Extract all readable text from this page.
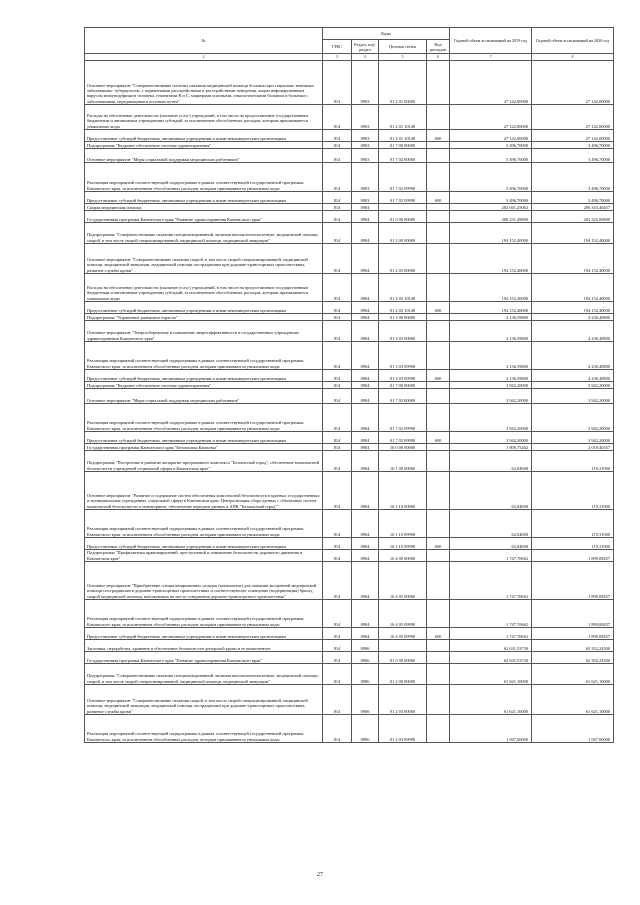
№	Коды				Годовой объем ассигнований на 2019 год	Годовой объем ассигнований на 2020 год
	ГРБС	Раздел, под-раздел	Целевая статья	Вид расходов		
2	3	4	5	6	7	8
Основное мероприятие "Совершенствование системы оказания медицинской помощи больным при социально значимых заболеваниях: туберкулезом, с поражениями расстройствами и расстройствами поведения, лицам инфицированным вирусом иммунодефицита человека, гепатитами B и C, маркерами опасными, онкологическими больным и больным с заболеваниями, передающимися половым путем"	814	0903	01 2 01 00000		27 142,00000	27 142,00000
Расходы на обеспечение деятельности (оказание услуг) учреждений, в том числе на предоставление государственным бюджетным и автономным учреждениям субсидий, за исключением обособленных расходов, которым присваиваются уникальные коды	814	0903	01 2 01 10140		27 142,00000	27 142,00000
Предоставление субсидий бюджетным, автономным учреждениям и иным некоммерческим организациям	814	0903	01 2 01 10140	600	27 142,00000	27 142,00000
Подпрограмма "Кадровое обеспечение системы здравоохранения"	814	0903	01 7 00 00000		3 496,70000	3 496,70000
Основное мероприятие "Меры социальной поддержки медицинских работников"	814	0903	01 7 02 00000		3 496,70000	3 496,70000
Реализация мероприятий соответствующей подпрограммы в рамках соответствующей государственной программы Камчатского края, за исключением обособленных расходов, которым присваиваются уникальные коды	814	0903	01 7 02 09990		3 496,70000	3 496,70000
Предоставление субсидий бюджетным, автономным учреждениям и иным некоммерческим организациям	814	0903	01 7 02 09990	600	3 496,70000	3 496,70000
Скорая медицинская помощь	814	0904			202 041,25062	206 343,40457
Государственная программа Камчатского края "Развитие здравоохранения Камчатского края"	814	0904	01 0 00 00000		200 231,49800	202 325,00800
Подпрограмма "Совершенствование оказания специализированной, включая высокотехнологичную, медицинской помощи, скорой, в том числе скорой специализированной, медицинской помощи, медицинской эвакуации"	814	0904	01 2 00 00000		194 152,40000	194 152,40000
Основное мероприятие "Совершенствование оказания скорой, в том числе скорой специализированной, медицинской помощи, медицинской эвакуации, медицинской помощи пострадавшим при дорожно-транспортных происшествиях, развитие службы крови"	814	0904	01 2 03 00000		194 152,40000	194 152,40000
Расходы на обеспечение деятельности (оказание услуг) учреждений, в том числе на предоставление государственным бюджетным и автономным учреждениям субсидий, за исключением обособленных расходов, которым присваиваются уникальные коды	814	0904	01 2 03 10140		194 152,40000	194 152,40000
Предоставление субсидий бюджетным, автономным учреждениям и иным некоммерческим организациям	814	0904	01 2 03 10140	600	194 152,40000	194 152,40000
Подпрограмма "Управление развитием отрасли"	814	0904	01 3 00 00000		2 136,59800	4 230,40800
Основное мероприятие "Энергосбережение и повышение энергоэффективности в государственных учреждениях здравоохранения Камчатского края"	814	0904	01 3 03 00000		2 136,59800	4 230,40800
Реализация мероприятий соответствующей подпрограммы в рамках соответствующей государственной программы Камчатского края, за исключением обособленных расходов, которым присваиваются уникальные коды	814	0904	01 3 03 09990		2 136,59800	4 230,40800
Предоставление субсидий бюджетным, автономным учреждениям и иным некоммерческим организациям	814	0904	01 3 03 09990	600	2 136,59800	4 230,40800
Подпрограмма "Кадровое обеспечение системы здравоохранения"	814	0904	01 7 00 00000		3 942,20000	3 942,20000
Основное мероприятие "Меры социальной поддержки медицинских работников"	814	0904	01 7 02 00000		3 942,20000	3 942,20000
Реализация мероприятий соответствующей подпрограммы в рамках соответствующей государственной программы Камчатского края, за исключением обособленных расходов, которым присваиваются уникальные коды	814	0904	01 7 02 09990		3 942,20000	3 942,20000
Предоставление субсидий бюджетным, автономным учреждениям и иным некоммерческим организациям	814	0904	01 7 02 09990	600	3 942,20000	3 942,20000
Государственная программа Камчатского края "Безопасная Камчатка"	814	0904	16 0 00 00000		1 809,75262	2 018,40357
Подпрограмма "Построение и развитие аппаратно-программного комплекса "Безопасный город", обеспечение комплексной безопасности учреждений социальной сферы в Камчатском крае"	814	0904	16 1 00 00000		62,04600	119,31900
Основное мероприятие "Развитие и содержание систем обеспечения комплексной безопасности в краевых государственных и муниципальных учреждениях социальной сферы в Камчатском крае. Централизация сбора данных с объектовых систем комплексной безопасности и мониторинга, обеспечение передачи данных в АПК "Безопасный город""	814	0904	16 1 10 00000		62,04600	119,31900
Реализация мероприятий соответствующей подпрограммы в рамках соответствующей государственной программы Камчатского края, за исключением обособленных расходов, которым присваиваются уникальные коды	814	0904	16 1 10 09990		62,04600	119,31900
Предоставление субсидий бюджетным, автономным учреждениям и иным некоммерческим организациям	814	0904	16 1 10 09990	600	62,04600	119,31900
Подпрограмма "Профилактика правонарушений, преступлений и повышение безопасности дорожного движения в Камчатском крае"	814	0904	16 4 00 00000		1 747,70662	1 899,08457
Основное мероприятие "Приобретение специализированных укладок (комплектов) для оказания экстренной медицинской помощи пострадавшим в дорожно-транспортных происшествиях и соответствующее оснащение (модернизация) бригад скорой медицинской помощи, выезжающих на место совершения дорожно-транспортного происшествия"	814	0904	16 4 05 00000		1 747,70662	1 899,08457
Реализация мероприятий соответствующей подпрограммы в рамках соответствующей государственной программы Камчатского края, за исключением обособленных расходов, которым присваиваются уникальные коды	814	0904	16 4 05 09990		1 747,70662	1 899,08457
Предоставление субсидий бюджетным, автономным учреждениям и иным некоммерческим организациям	814	0904	16 4 05 09990	600	1 747,70662	1 899,08457
Заготовка, переработка, хранение и обеспечение безопасности донорской крови и ее компонентов	814	0906			62 631,53730	62 352,24300
Государственная программа Камчатского края "Развитие здравоохранения Камчатского края"	814	0906	01 0 00 00000		62 631,53730	62 352,24300
Подпрограмма "Совершенствование оказания специализированной, включая высокотехнологичную, медицинской помощи, скорой, в том числе скорой специализированной, медицинской помощи, медицинской эвакуации"	814	0906	01 2 00 00000		61 621,10000	61 621,10000
Основное мероприятие "Совершенствование оказания скорой, в том числе скорой специализированной, медицинской помощи, медицинской эвакуации, медицинской помощи пострадавшим при дорожно-транспортных происшествиях, развитие службы крови"	814	0906	01 2 03 00000		61 621,10000	61 621,10000
Реализация мероприятий соответствующей подпрограммы в рамках соответствующей государственной программы Камчатского края, за исключением обособленных расходов, которым присваиваются уникальные коды	814	0906	01 2 03 09990		1 947,00000	1 947,00000
27
